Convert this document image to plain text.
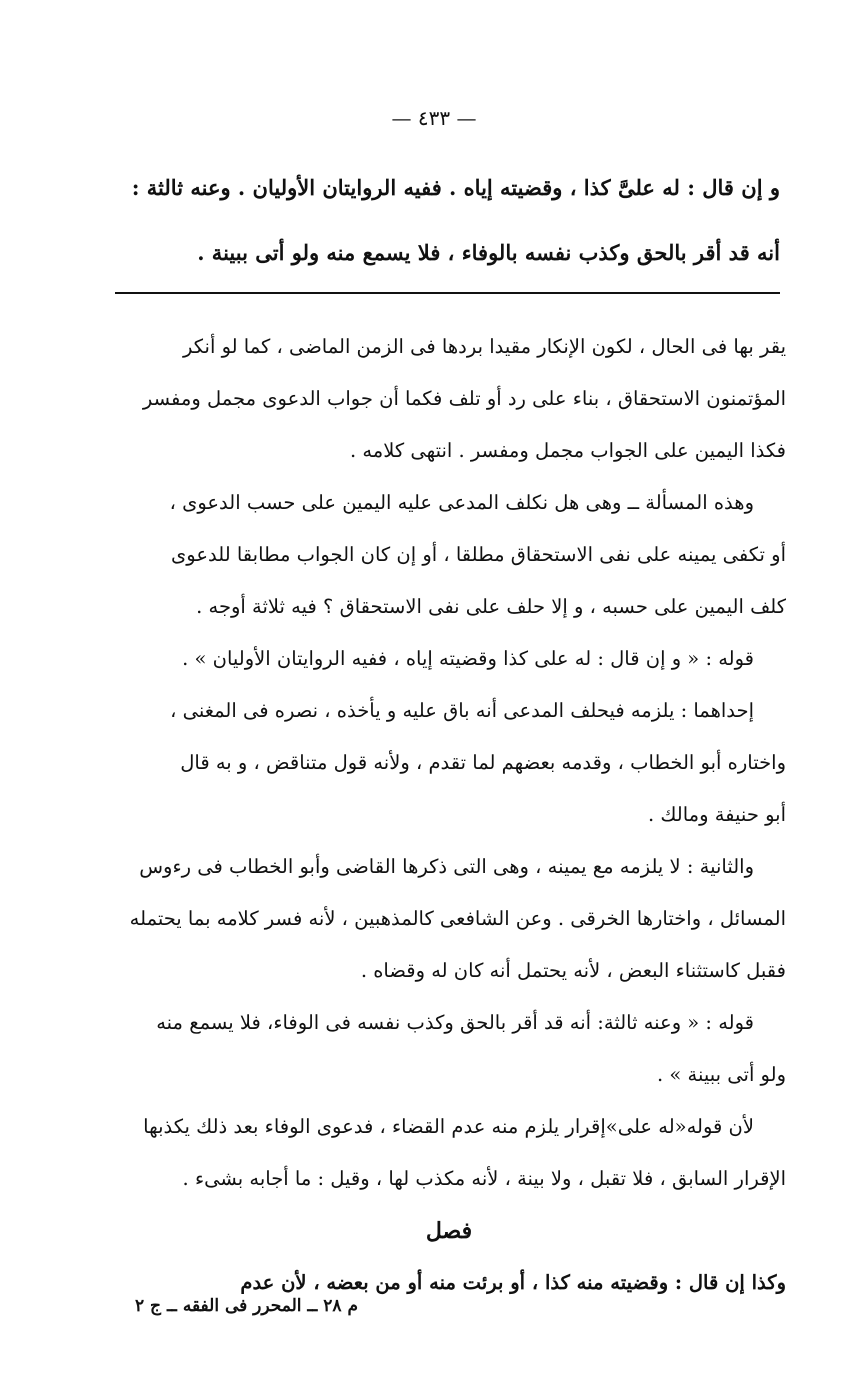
— ٤٣٣ —

و إن قال : له علىَّ كذا ، وقضيته إياه . ففيه الروايتان الأوليان . وعنه ثالثة :

أنه قد أقر بالحق وكذب نفسه بالوفاء ، فلا يسمع منه ولو أتى ببينة .

يقر بها فى الحال ، لكون الإنكار مقيدا بردها فى الزمن الماضى ، كما لو أنكر
المؤتمنون الاستحقاق ، بناء على رد أو تلف فكما أن جواب الدعوى مجمل ومفسر
فكذا اليمين على الجواب مجمل ومفسر . انتهى كلامه .
وهذه المسألة ــ وهى هل نكلف المدعى عليه اليمين على حسب الدعوى ،
أو تكفى يمينه على نفى الاستحقاق مطلقا ، أو إن كان الجواب مطابقا للدعوى
كلف اليمين على حسبه ، و إلا حلف على نفى الاستحقاق ؟ فيه ثلاثة أوجه .
قوله : « و إن قال : له على كذا وقضيته إياه ، ففيه الروايتان الأوليان » .
إحداهما : يلزمه فيحلف المدعى أنه باق عليه و يأخذه ، نصره فى المغنى ،
واختاره أبو الخطاب ، وقدمه بعضهم لما تقدم ، ولأنه قول متناقض ، و به قال
أبو حنيفة ومالك .
والثانية : لا يلزمه مع يمينه ، وهى التى ذكرها القاضى وأبو الخطاب فى رءوس
المسائل ، واختارها الخرقى . وعن الشافعى كالمذهبين ، لأنه فسر كلامه بما يحتمله
فقبل كاستثناء البعض ، لأنه يحتمل أنه كان له وقضاه .
قوله : « وعنه ثالثة: أنه قد أقر بالحق وكذب نفسه فى الوفاء، فلا يسمع منه
ولو أتى ببينة » .
لأن قوله«له على»إقرار يلزم منه عدم القضاء ، فدعوى الوفاء بعد ذلك يكذبها
الإقرار السابق ، فلا تقبل ، ولا بينة ، لأنه مكذب لها ، وقيل : ما أجابه بشىء .
فصل
وكذا إن قال : وقضيته منه كذا ، أو برئت منه أو من بعضه ، لأن عدم
م ٢٨ ــ المحرر فى الفقه ــ ج ٢
